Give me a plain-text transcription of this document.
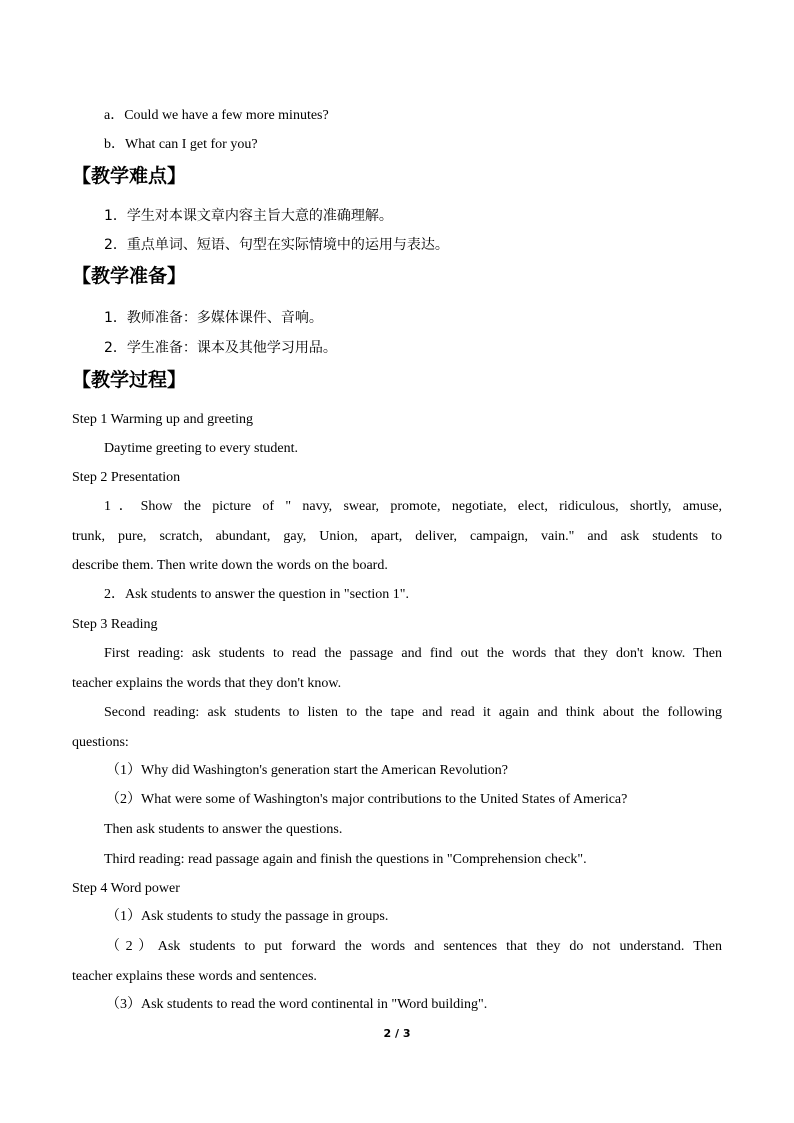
a．Could we have a few more minutes?
b．What can I get for you?
【教学难点】
1．学生对本课文章内容主旨大意的准确理解。
2．重点单词、短语、句型在实际情境中的运用与表达。
【教学准备】
1．教师准备：多媒体课件、音响。
2．学生准备：课本及其他学习用品。
【教学过程】
Step 1 Warming up and greeting
Daytime greeting to every student.
Step 2 Presentation
1．Show the picture of " navy, swear, promote, negotiate, elect, ridiculous, shortly, amuse,
trunk, pure, scratch, abundant, gay, Union, apart, deliver, campaign, vain." and ask students to
describe them. Then write down the words on the board.
2．Ask students to answer the question in "section 1".
Step 3 Reading
First reading: ask students to read the passage and find out the words that they don't know. Then
teacher explains the words that they don't know.
Second reading: ask students to listen to the tape and read it again and think about the following
questions:
（1）Why did Washington's generation start the American Revolution?
（2）What were some of Washington's major contributions to the United States of America?
Then ask students to answer the questions.
Third reading: read passage again and finish the questions in "Comprehension check".
Step 4 Word power
（1）Ask students to study the passage in groups.
（2）Ask students to put forward the words and sentences that they do not understand. Then
teacher explains these words and sentences.
（3）Ask students to read the word continental in "Word building".
2 / 3
